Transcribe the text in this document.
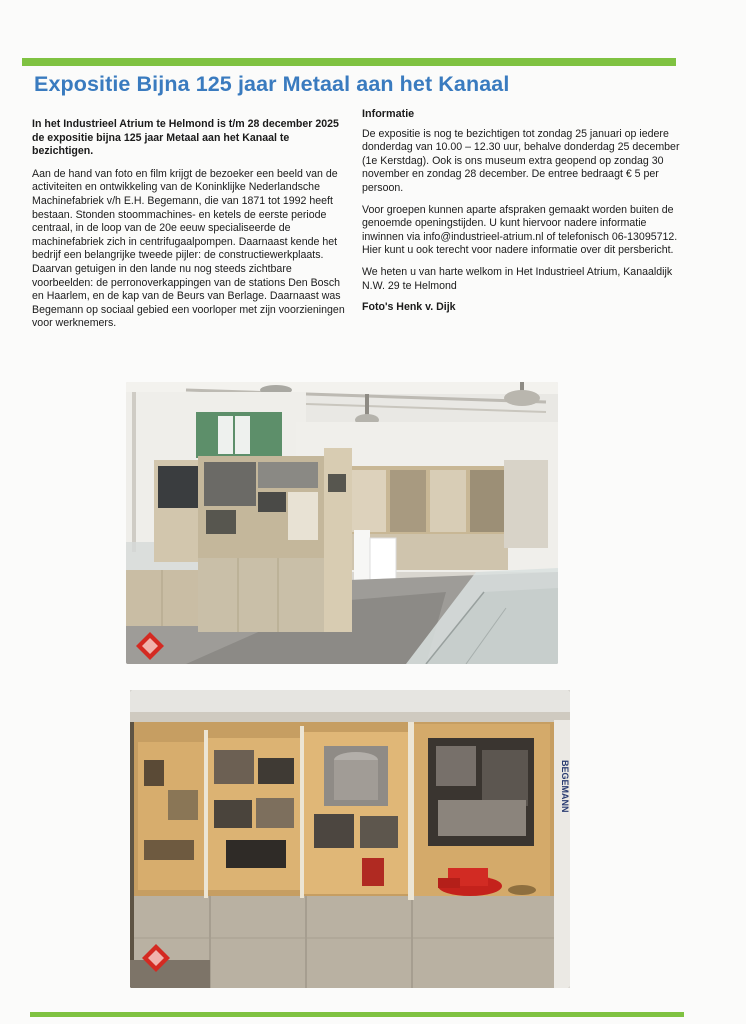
Expositie Bijna 125 jaar Metaal aan het Kanaal

In het Industrieel Atrium te Helmond is t/m 28 december 2025 de expositie bijna 125 jaar Metaal aan het Kanaal te bezichtigen.

Aan de hand van foto en film krijgt de bezoeker een beeld van de activiteiten en ontwikkeling van de Koninklijke Nederlandsche Machinefabriek v/h E.H. Begemann, die van 1871 tot 1992 heeft bestaan. Stonden stoommachines- en ketels de eerste periode centraal, in de loop van de 20e eeuw specialiseerde de machinefabriek zich in centrifugaalpompen. Daarnaast kende het bedrijf een belangrijke tweede pijler: de constructiewerkplaats. Daarvan getuigen in den lande nu nog steeds zichtbare voorbeelden: de perronoverkappingen van de stations Den Bosch en Haarlem, en de kap van de Beurs van Berlage. Daarnaast was Begemann op sociaal gebied een voorloper met zijn voorzieningen voor werknemers.

Informatie

De expositie is nog te bezichtigen tot zondag 25 januari op iedere donderdag van 10.00 – 12.30 uur, behalve donderdag 25 december (1e Kerstdag). Ook is ons museum extra geopend op zondag 30 november en zondag 28 december. De entree bedraagt € 5 per persoon.

Voor groepen kunnen aparte afspraken gemaakt worden buiten de genoemde openingstijden. U kunt hiervoor nadere informatie inwinnen via info@industrieel-atrium.nl of telefonisch 06-13095712. Hier kunt u ook terecht voor nadere informatie over dit persbericht.

We heten u van harte welkom in Het Industrieel Atrium, Kanaaldijk N.W. 29 te Helmond

Foto's Henk v. Dijk

BEGEMANN
